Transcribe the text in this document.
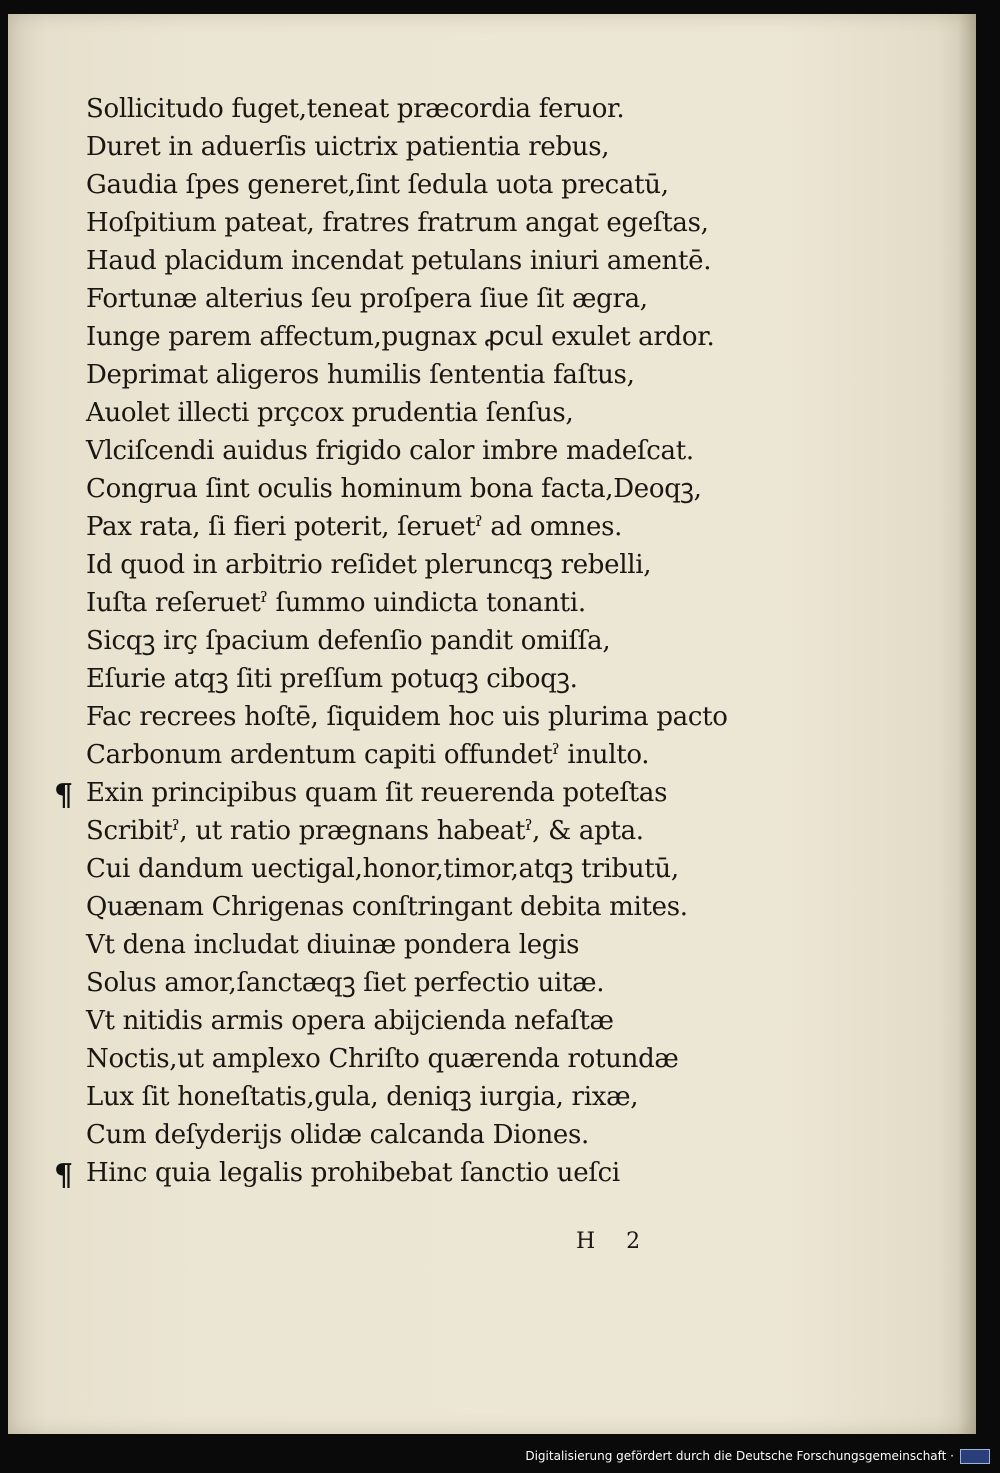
Sollicitudo fuget,teneat præcordia feruor.
Duret in aduerſis uictrix patientia rebus,
Gaudia ſpes generet,ſint ſedula uota precatū,
Hoſpitium pateat, fratres fratrum angat egeſtas,
Haud placidum incendat petulans iniuri amentē.
Fortunæ alterius ſeu proſpera ſiue ſit ægra,
Iunge parem affectum,pugnax ꝓcul exulet ardor.
Deprimat aligeros humilis ſententia faſtus,
Auolet illecti prçcox prudentia ſenſus,
Vlciſcendi auidus frigido calor imbre madeſcat.
Congrua ſint oculis hominum bona facta,Deoqꝫ,
Pax rata, ſi fieri poterit, ſeruetˀ ad omnes.
Id quod in arbitrio reſidet pleruncqꝫ rebelli,
Iuſta reſeruetˀ ſummo uindicta tonanti.
Sicqꝫ irç ſpacium defenſio pandit omiſſa,
Eſurie atqꝫ ſiti preſſum potuqꝫ ciboqꝫ.
Fac recrees hoſtē, ſiquidem hoc uis plurima pacto
Carbonum ardentum capiti offundetˀ inulto.
¶ Exin principibus quam ſit reuerenda poteſtas
Scribitˀ, ut ratio prægnans habeatˀ, & apta.
Cui dandum uectigal,honor,timor,atqꝫ tributū,
Quænam Chrigenas conſtringant debita mites.
Vt dena includat diuinæ pondera legis
Solus amor,ſanctæqꝫ ſiet perfectio uitæ.
Vt nitidis armis opera abijcienda nefaſtæ
Noctis,ut amplexo Chriſto quærenda rotundæ
Lux ſit honeſtatis,gula, deniqꝫ iurgia, rixæ,
Cum deſyderijs olidæ calcanda Diones.
¶ Hinc quia legalis prohibebat ſanctio ueſci
H 2
Digitalisierung gefördert durch die Deutsche Forschungsgemeinschaft ·
